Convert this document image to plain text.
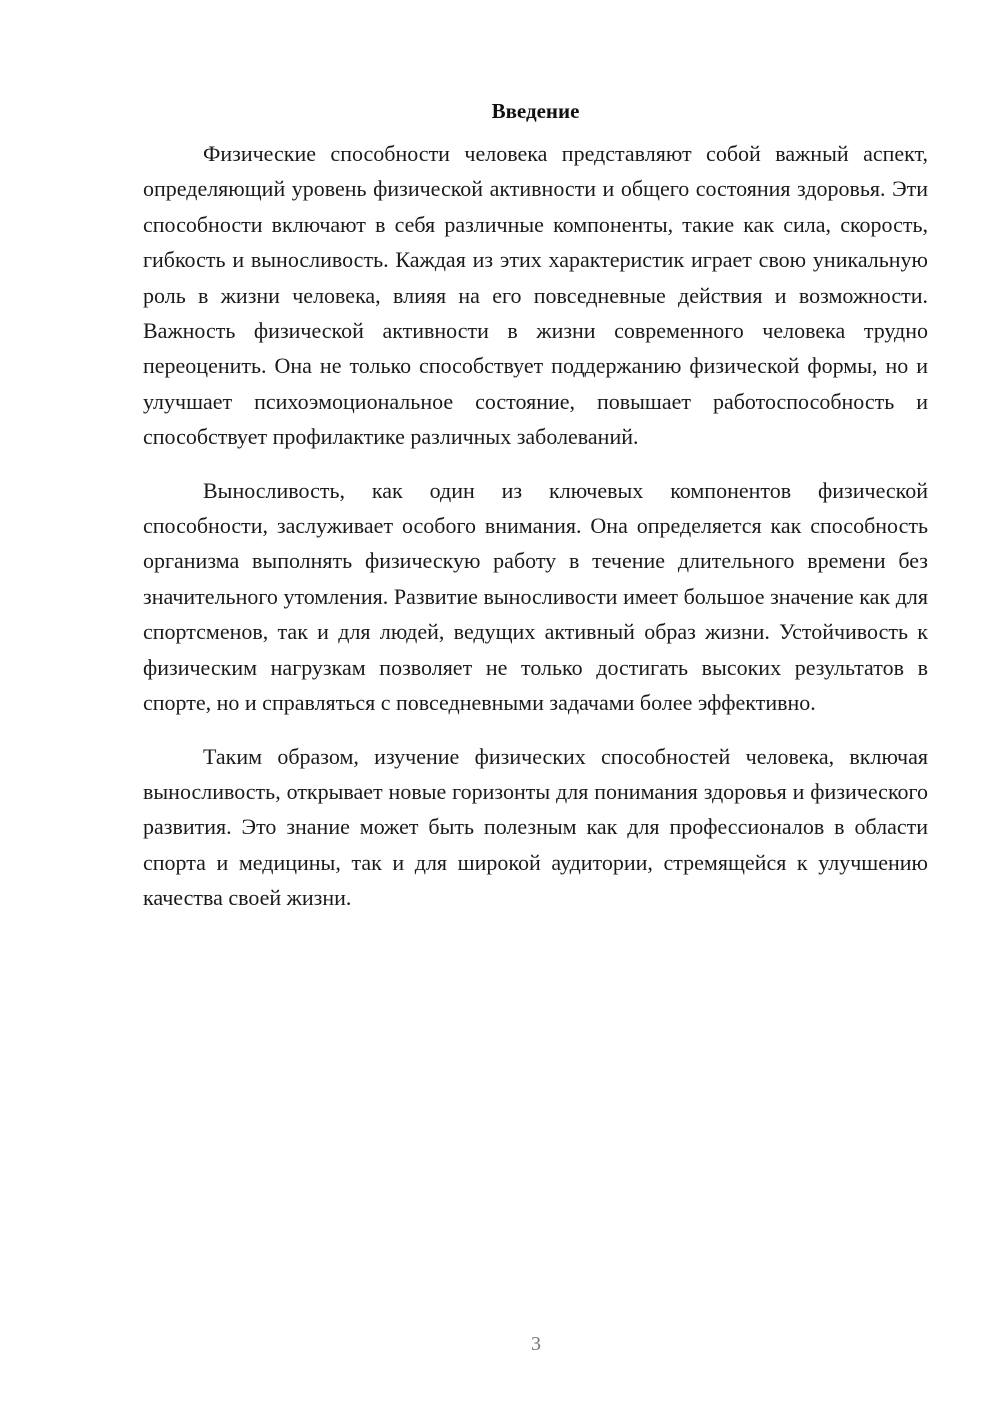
Введение

Физические способности человека представляют собой важный аспект, определяющий уровень физической активности и общего состояния здоровья. Эти способности включают в себя различные компоненты, такие как сила, скорость, гибкость и выносливость. Каждая из этих характеристик играет свою уникальную роль в жизни человека, влияя на его повседневные действия и возможности. Важность физической активности в жизни современного человека трудно переоценить. Она не только способствует поддержанию физической формы, но и улучшает психоэмоциональное состояние, повышает работоспособность и способствует профилактике различных заболеваний.

Выносливость, как один из ключевых компонентов физической способности, заслуживает особого внимания. Она определяется как способность организма выполнять физическую работу в течение длительного времени без значительного утомления. Развитие выносливости имеет большое значение как для спортсменов, так и для людей, ведущих активный образ жизни. Устойчивость к физическим нагрузкам позволяет не только достигать высоких результатов в спорте, но и справляться с повседневными задачами более эффективно.

Таким образом, изучение физических способностей человека, включая выносливость, открывает новые горизонты для понимания здоровья и физического развития. Это знание может быть полезным как для профессионалов в области спорта и медицины, так и для широкой аудитории, стремящейся к улучшению качества своей жизни.

3
